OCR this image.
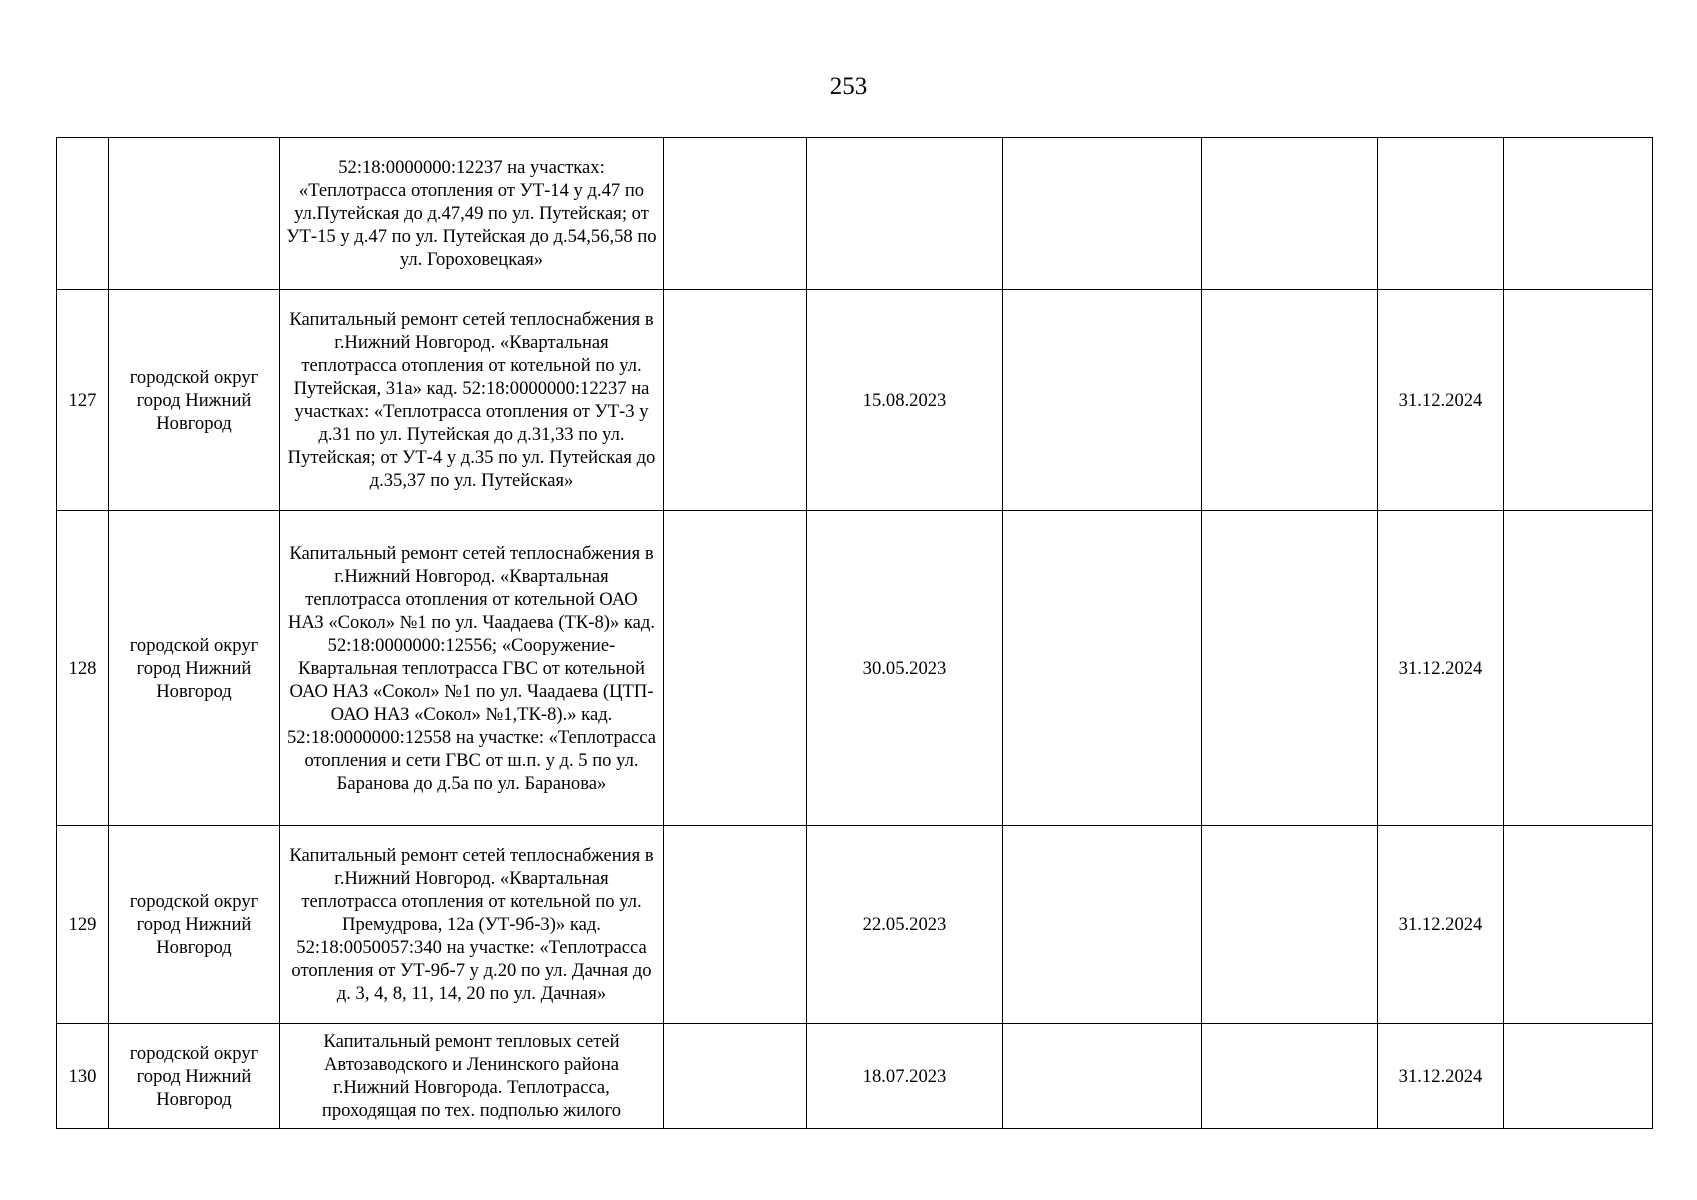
253
		52:18:0000000:12237 на участках: «Теплотрасса отопления от УТ-14 у д.47 по ул.Путейская до д.47,49 по ул. Путейская; от УТ-15 у д.47 по ул. Путейская до д.54,56,58 по ул. Гороховецкая»						
127	городской округ город Нижний Новгород	Капитальный ремонт сетей теплоснабжения в г.Нижний Новгород. «Квартальная теплотрасса отопления от котельной по ул. Путейская, 31а» кад. 52:18:0000000:12237 на участках: «Теплотрасса отопления от УТ-3 у д.31 по ул. Путейская до д.31,33 по ул. Путейская; от УТ-4 у д.35 по ул. Путейская до д.35,37 по ул. Путейская»		15.08.2023			31.12.2024	
128	городской округ город Нижний Новгород	Капитальный ремонт сетей теплоснабжения в г.Нижний Новгород. «Квартальная теплотрасса отопления от котельной ОАО НАЗ «Сокол» №1 по ул. Чаадаева (ТК-8)» кад. 52:18:0000000:12556; «Сооружение-Квартальная теплотрасса ГВС от котельной ОАО НАЗ «Сокол» №1 по ул. Чаадаева (ЦТП- ОАО НАЗ «Сокол» №1,ТК-8).» кад. 52:18:0000000:12558 на участке: «Теплотрасса отопления и сети ГВС от ш.п. у д. 5 по ул. Баранова до д.5а по ул. Баранова»		30.05.2023			31.12.2024	
129	городской округ город Нижний Новгород	Капитальный ремонт сетей теплоснабжения в г.Нижний Новгород. «Квартальная теплотрасса отопления от котельной по ул. Премудрова, 12а (УТ-9б-3)» кад. 52:18:0050057:340 на участке: «Теплотрасса отопления от УТ-9б-7 у д.20 по ул. Дачная до д. 3, 4, 8, 11, 14, 20 по ул. Дачная»		22.05.2023			31.12.2024	
130	городской округ город Нижний Новгород	Капитальный ремонт тепловых сетей Автозаводского и Ленинского района г.Нижний Новгорода. Теплотрасса, проходящая по тех. подполью жилого		18.07.2023			31.12.2024	
